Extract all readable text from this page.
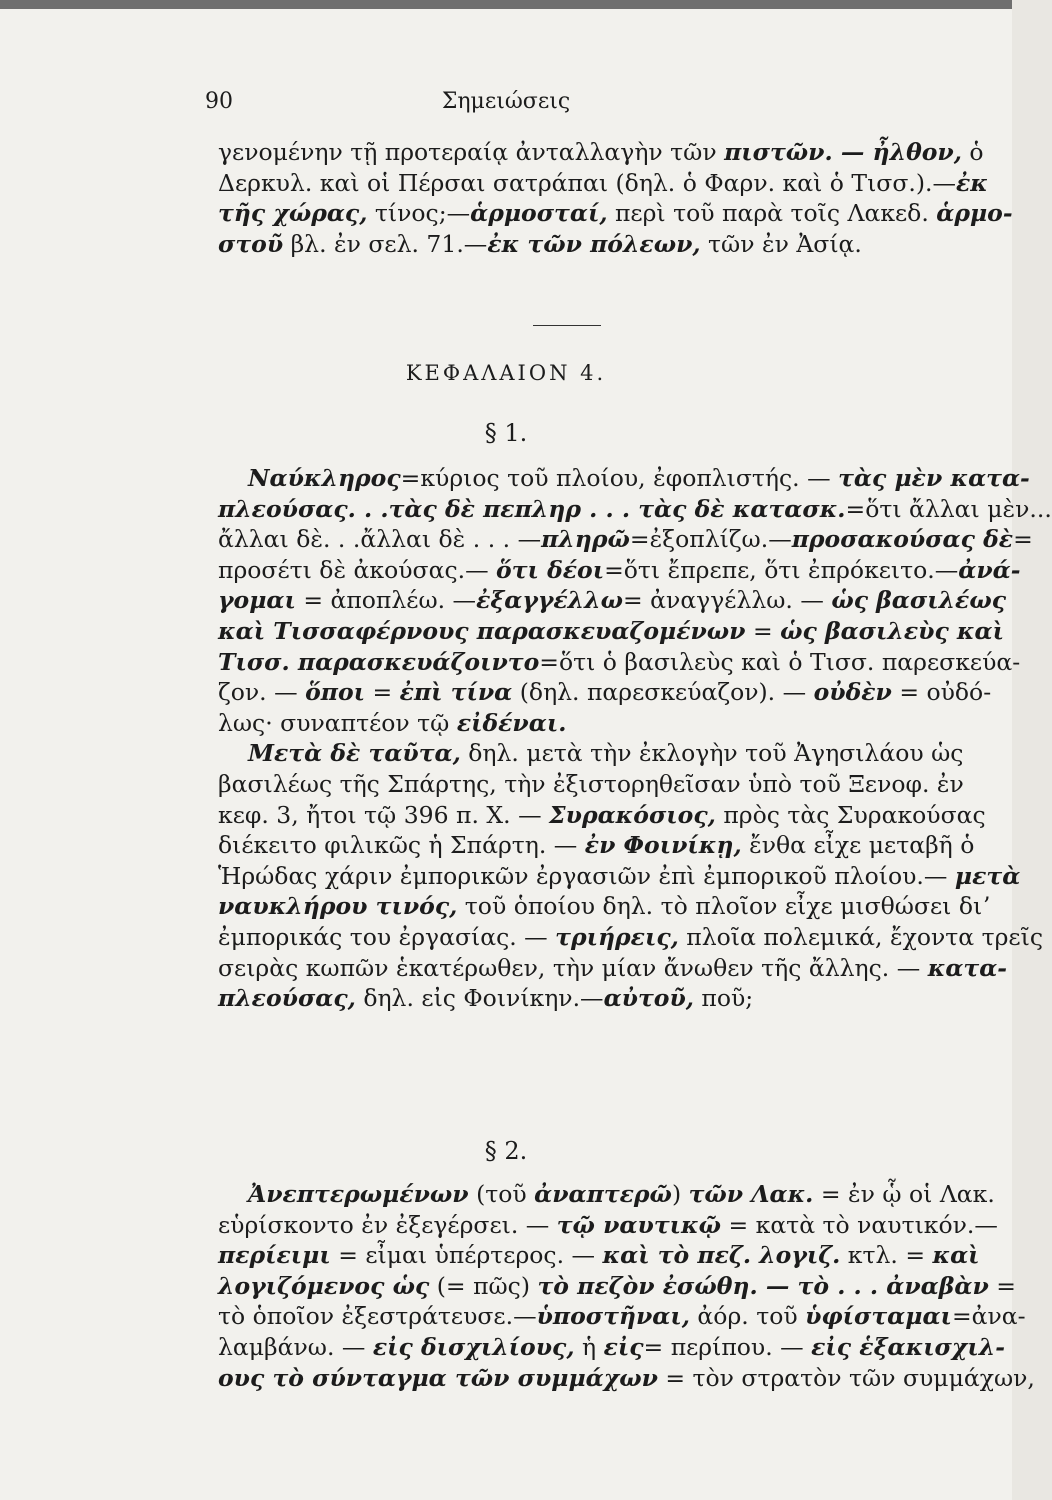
90	Σημειώσεις
γενομένην τῇ προτεραίᾳ ἀνταλλαγὴν τῶν πιστῶν. — ἦλθον, ὁ
Δερκυλ. καὶ οἱ Πέρσαι σατράπαι (δηλ. ὁ Φαρν. καὶ ὁ Τισσ.).—ἐκ
τῆς χώρας, τίνος;—ἁρμοσταί, περὶ τοῦ παρὰ τοῖς Λακεδ. ἁρμο-
στοῦ βλ. ἐν σελ. 71.—ἐκ τῶν πόλεων, τῶν ἐν Ἀσίᾳ.
ΚΕΦΑΛΑΙΟΝ 4.
§ 1.
Ναύκληρος=κύριος τοῦ πλοίου, ἐφοπλιστής. — τὰς μὲν κατα-
πλεούσας. . .τὰς δὲ πεπληρ . . . τὰς δὲ κατασκ.=ὅτι ἄλλαι μὲν...
ἄλλαι δὲ. . .ἄλλαι δὲ . . . —πληρῶ=ἐξοπλίζω.—προσακούσας δὲ=
προσέτι δὲ ἀκούσας.— ὅτι δέοι=ὅτι ἔπρεπε, ὅτι ἐπρόκειτο.—ἀνά-
γομαι = ἀποπλέω. —ἐξαγγέλλω= ἀναγγέλλω. — ὡς βασιλέως
καὶ Τισσαφέρνους παρασκευαζομένων = ὡς βασιλεὺς καὶ
Τισσ. παρασκευάζοιντο=ὅτι ὁ βασιλεὺς καὶ ὁ Τισσ. παρεσκεύα-
ζον. — ὅποι = ἐπὶ τίνα (δηλ. παρεσκεύαζον). — οὐδὲν = οὐδό-
λως· συναπτέον τῷ εἰδέναι.
Μετὰ δὲ ταῦτα, δηλ. μετὰ τὴν ἐκλογὴν τοῦ Ἀγησιλάου ὡς
βασιλέως τῆς Σπάρτης, τὴν ἐξιστορηθεῖσαν ὑπὸ τοῦ Ξενοφ. ἐν
κεφ. 3, ἤτοι τῷ 396 π. Χ. — Συρακόσιος, πρὸς τὰς Συρακούσας
διέκειτο φιλικῶς ἡ Σπάρτη. — ἐν Φοινίκῃ, ἔνθα εἶχε μεταβῆ ὁ
Ἡρώδας χάριν ἐμπορικῶν ἐργασιῶν ἐπὶ ἐμπορικοῦ πλοίου.— μετὰ
ναυκλήρου τινός, τοῦ ὁποίου δηλ. τὸ πλοῖον εἶχε μισθώσει διʼ
ἐμπορικάς του ἐργασίας. — τριήρεις, πλοῖα πολεμικά, ἔχοντα τρεῖς
σειρὰς κωπῶν ἑκατέρωθεν, τὴν μίαν ἄνωθεν τῆς ἄλλης. — κατα-
πλεούσας, δηλ. εἰς Φοινίκην.—αὐτοῦ, ποῦ;
§ 2.
Ἀνεπτερωμένων (τοῦ ἀναπτερῶ) τῶν Λακ. = ἐν ᾧ οἱ Λακ.
εὑρίσκοντο ἐν ἐξεγέρσει. — τῷ ναυτικῷ = κατὰ τὸ ναυτικόν.—
περίειμι = εἶμαι ὑπέρτερος. — καὶ τὸ πεζ. λογιζ. κτλ. = καὶ
λογιζόμενος ὡς (= πῶς) τὸ πεζὸν ἐσώθη. — τὸ . . . ἀναβὰν =
τὸ ὁποῖον ἐξεστράτευσε.—ὑποστῆναι, ἀόρ. τοῦ ὑφίσταμαι=ἀνα-
λαμβάνω. — εἰς δισχιλίους, ἡ εἰς= περίπου. — εἰς ἑξακισχιλ-
ους τὸ σύνταγμα τῶν συμμάχων = τὸν στρατὸν τῶν συμμάχων,
